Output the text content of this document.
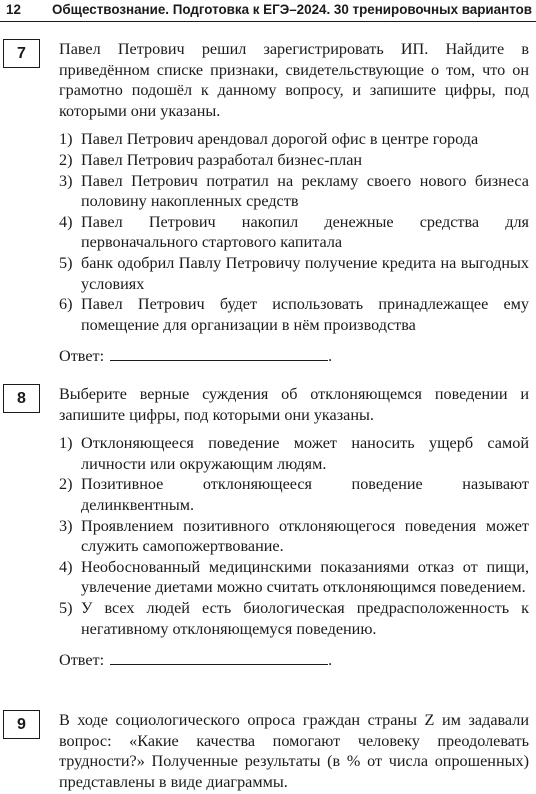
12 Обществознание. Подготовка к ЕГЭ–2024. 30 тренировочных вариантов
7	Павел Петрович решил зарегистрировать ИП. Найдите в приведённом списке признаки, свидетельствующие о том, что он грамотно подошёл к данному вопросу, и запишите цифры, под которыми они указаны.

1) Павел Петрович арендовал дорогой офис в центре города
2) Павел Петрович разработал бизнес-план
3) Павел Петрович потратил на рекламу своего нового бизнеса половину накопленных средств
4) Павел Петрович накопил денежные средства для первоначального стартового капитала
5) банк одобрил Павлу Петровичу получение кредита на выгодных условиях
6) Павел Петрович будет использовать принадлежащее ему помещение для организации в нём производства
Ответ:	.
8	Выберите верные суждения об отклоняющемся поведении и запишите цифры, под которыми они указаны.

1) Отклоняющееся поведение может наносить ущерб самой личности или окружающим людям.
2) Позитивное отклоняющееся поведение называют делинквентным.
3) Проявлением позитивного отклоняющегося поведения может служить самопожертвование.
4) Необоснованный медицинскими показаниями отказ от пищи, увлечение диетами можно считать отклоняющимся поведением.
5) У всех людей есть биологическая предрасположенность к негативному отклоняющемуся поведению.
Ответ:	.
9	В ходе социологического опроса граждан страны Z им задавали вопрос: «Какие качества помогают человеку преодолевать трудности?» Полученные результаты (в % от числа опрошенных) представлены в виде диаграммы.
